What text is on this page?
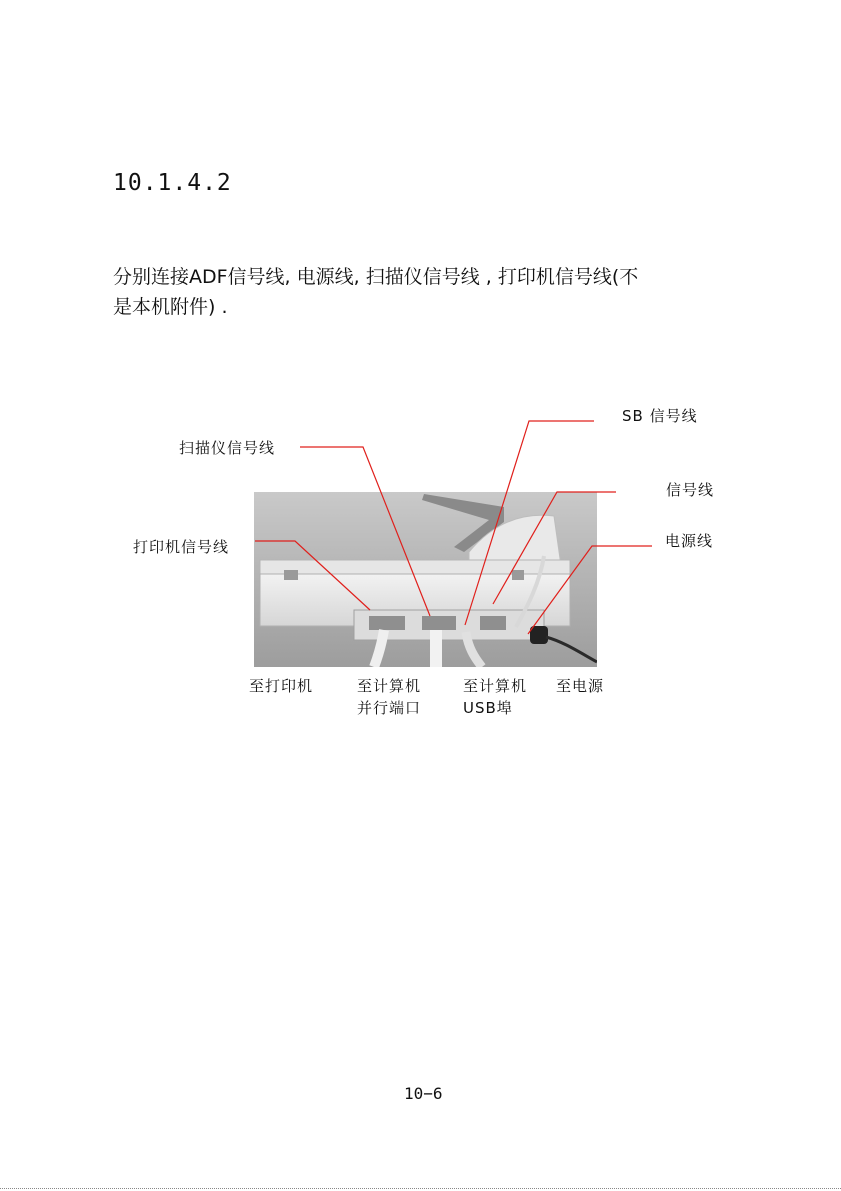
10.1.4.2

分别连接ADF信号线, 电源线, 扫描仪信号线 , 打印机信号线(不

是本机附件) .

SB 信号线
扫描仪信号线
信号线
打印机信号线	电源线
至打印机	至计算机
并行端口
至计算机
USB埠
至电源
10−6
